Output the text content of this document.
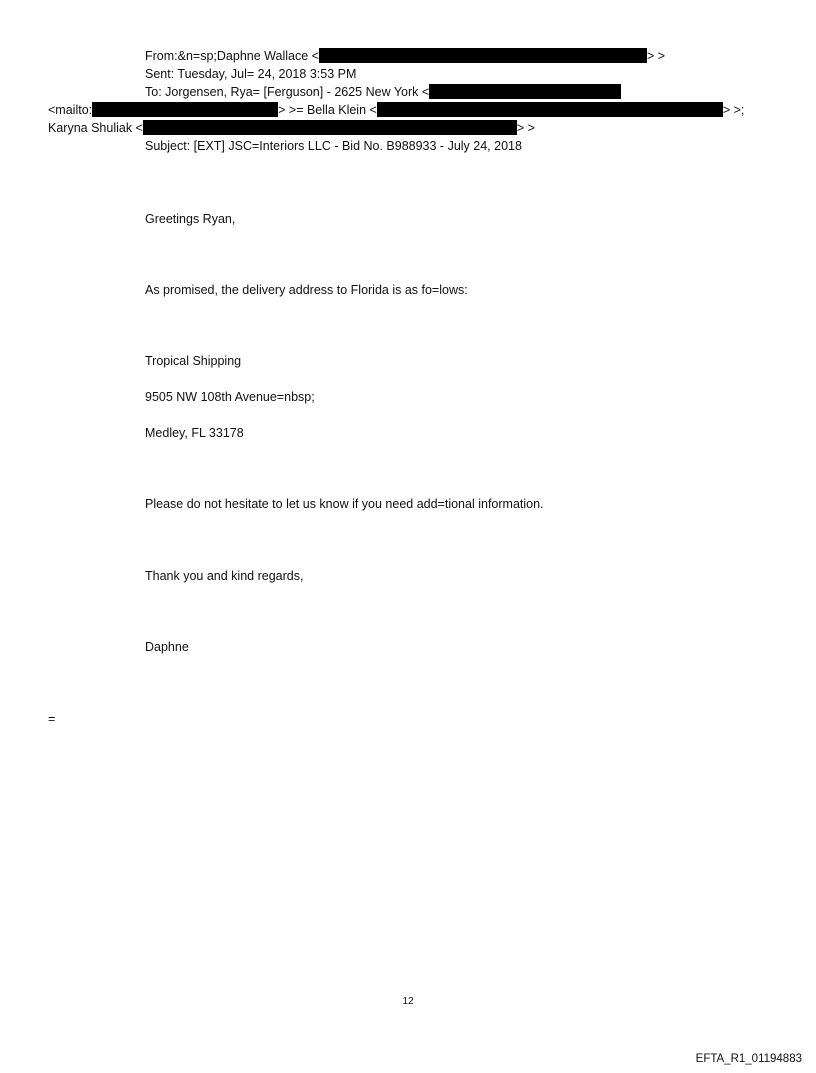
From:&n=sp;Daphne Wallace <	> >
Sent: Tuesday, Jul= 24, 2018 3:53 PM
To: Jorgensen, Rya= [Ferguson] - 2625 New York <
<mailto:	> >= Bella Klein <	> >;
Karyna Shuliak <	> >
Subject: [EXT] JSC=Interiors LLC - Bid No. B988933 - July 24, 2018
Greetings Ryan,
As promised, the delivery address to Florida is as fo=lows:
Tropical Shipping
9505 NW 108th Avenue=nbsp;
Medley, FL 33178
Please do not hesitate to let us know if you need add=tional information.
Thank you and kind regards,
Daphne
=
12
EFTA_R1_01194883
